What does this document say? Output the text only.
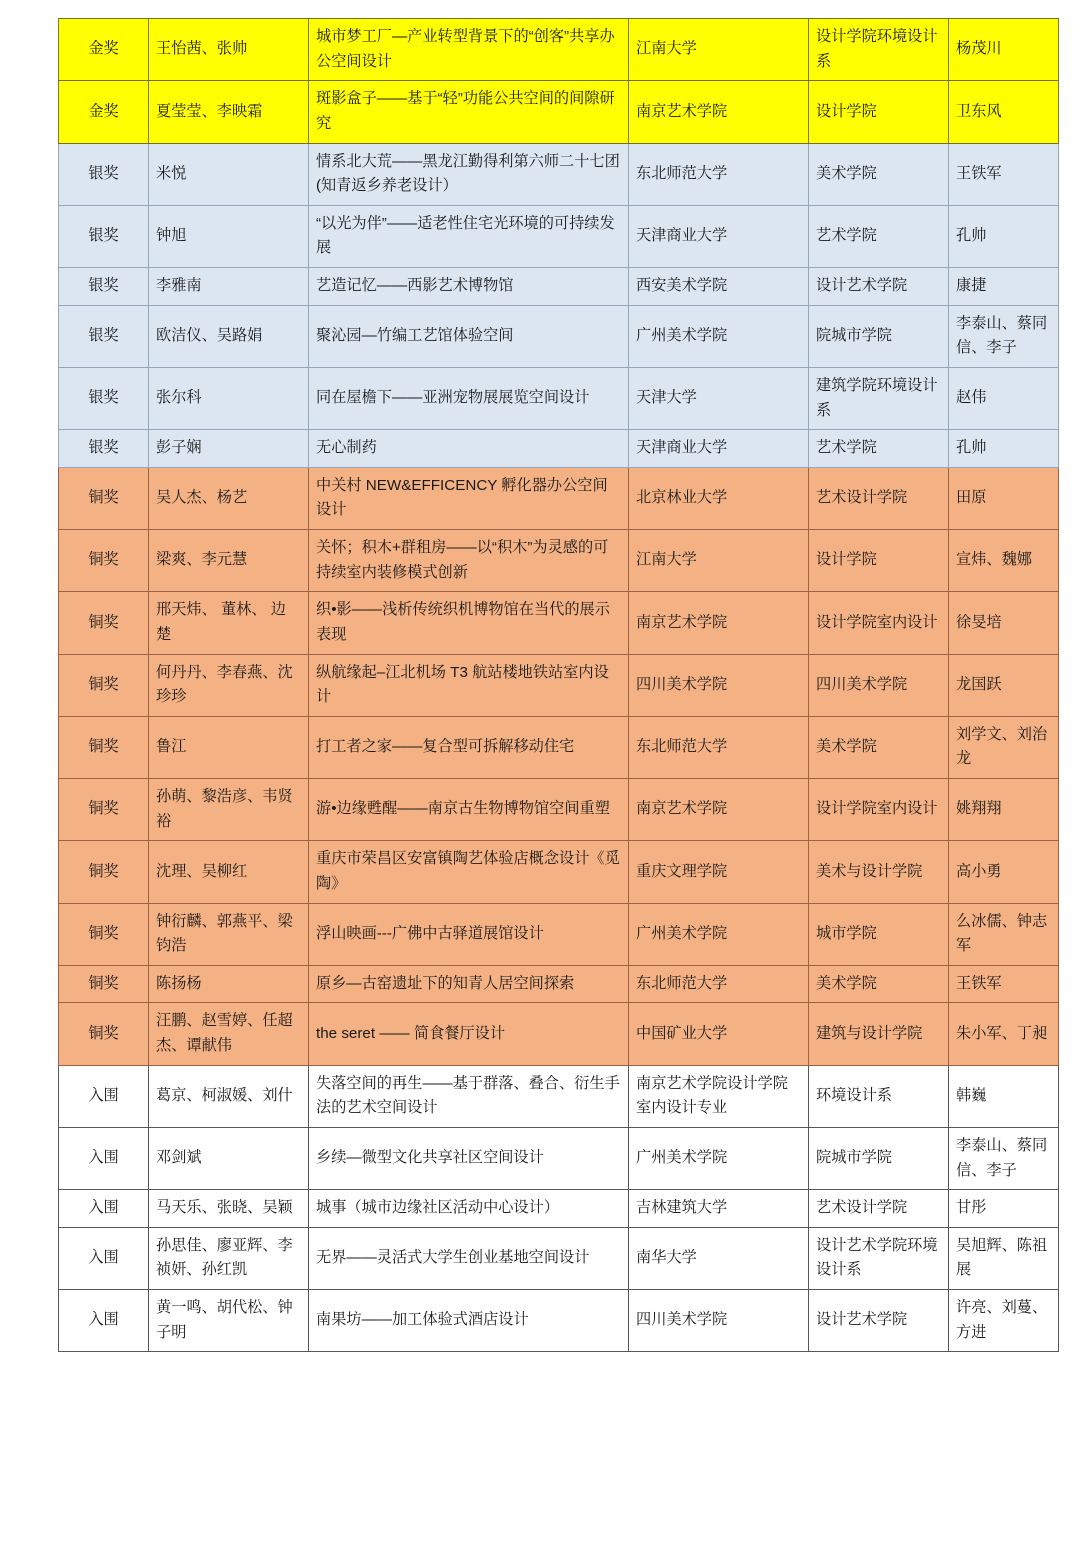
金奖	王怡茜、张帅	城市梦工厂—产业转型背景下的“创客”共享办公空间设计	江南大学	设计学院环境设计系	杨茂川
金奖	夏莹莹、李映霜	斑影盒子——基于“轻”功能公共空间的间隙研究	南京艺术学院	设计学院	卫东风
银奖	米悦	情系北大荒——黑龙江勤得利第六师二十七团(知青返乡养老设计）	东北师范大学	美术学院	王铁军
银奖	钟旭	“以光为伴”——适老性住宅光环境的可持续发展	天津商业大学	艺术学院	孔帅
银奖	李雅南	艺造记忆——西影艺术博物馆	西安美术学院	设计艺术学院	康捷
银奖	欧洁仪、吴路娟	聚沁园—竹编工艺馆体验空间	广州美术学院	院城市学院	李泰山、蔡同信、李子
银奖	张尔科	同在屋檐下——亚洲宠物展展览空间设计	天津大学	建筑学院环境设计系	赵伟
银奖	彭子娴	无心制药	天津商业大学	艺术学院	孔帅
铜奖	吴人杰、杨艺	中关村 NEW&EFFICENCY 孵化器办公空间设计	北京林业大学	艺术设计学院	田原
铜奖	梁爽、李元慧	关怀；积木+群租房——以“积木”为灵感的可持续室内装修模式创新	江南大学	设计学院	宣炜、魏娜
铜奖	邢天炜、 董林、 边楚	织•影——浅析传统织机博物馆在当代的展示表现	南京艺术学院	设计学院室内设计	徐旻培
铜奖	何丹丹、李春燕、沈珍珍	纵航缘起–江北机场 T3 航站楼地铁站室内设计	四川美术学院	四川美术学院	龙国跃
铜奖	鲁江	打工者之家——复合型可拆解移动住宅	东北师范大学	美术学院	刘学文、刘治龙
铜奖	孙萌、黎浩彦、韦贤裕	游•边缘甦醒——南京古生物博物馆空间重塑	南京艺术学院	设计学院室内设计	姚翔翔
铜奖	沈理、吴柳红	重庆市荣昌区安富镇陶艺体验店概念设计《觅陶》	重庆文理学院	美术与设计学院	高小勇
铜奖	钟衍麟、郭燕平、梁钧浩	浮山映画---广佛中古驿道展馆设计	广州美术学院	城市学院	么冰儒、钟志军
铜奖	陈扬杨	原乡—古窑遗址下的知青人居空间探索	东北师范大学	美术学院	王铁军
铜奖	汪鹏、赵雪婷、任超杰、谭献伟	the seret —— 简食餐厅设计	中国矿业大学	建筑与设计学院	朱小军、丁昶
入围	葛京、柯淑媛、刘什	失落空间的再生——基于群落、叠合、衍生手法的艺术空间设计	南京艺术学院设计学院室内设计专业	环境设计系	韩巍
入围	邓剑斌	乡续—微型文化共享社区空间设计	广州美术学院	院城市学院	李泰山、蔡同信、李子
入围	马天乐、张晓、吴颖	城事（城市边缘社区活动中心设计）	吉林建筑大学	艺术设计学院	甘彤
入围	孙思佳、廖亚辉、李祯妍、孙红凯	无界——灵活式大学生创业基地空间设计	南华大学	设计艺术学院环境设计系	吴旭辉、陈祖展
入围	黄一鸣、胡代松、钟子明	南果坊——加工体验式酒店设计	四川美术学院	设计艺术学院	许亮、刘蔓、方进
